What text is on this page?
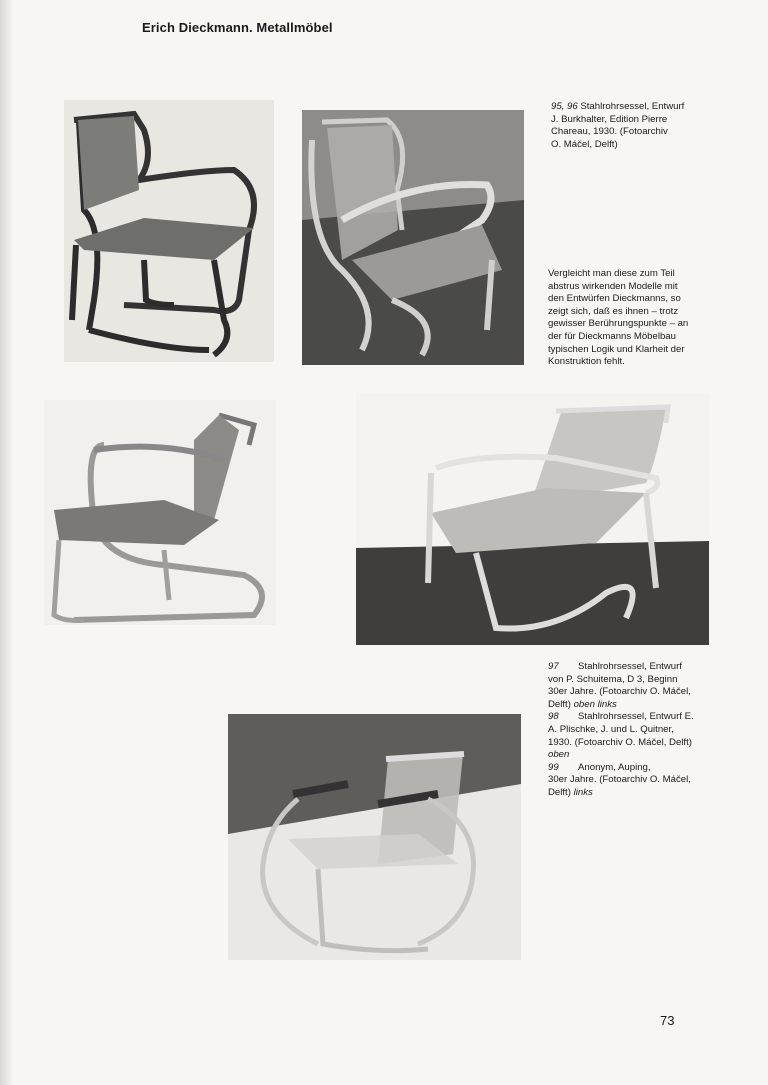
Erich Dieckmann. Metallmöbel

95, 96 Stahlrohrsessel, Entwurf

J. Burkhalter, Edition Pierre

Chareau, 1930. (Fotoarchiv

O. Máčel, Delft)

Vergleicht man diese zum Teil

abstrus wirkenden Modelle mit

den Entwürfen Dieckmanns, so

zeigt sich, daß es ihnen – trotz

gewisser Berührungspunkte – an

der für Dieckmanns Möbelbau

typischen Logik und Klarheit der

Konstruktion fehlt.

97 Stahlrohrsessel, Entwurf

von P. Schuitema, D 3, Beginn

30er Jahre. (Fotoarchiv O. Máčel,

Delft) oben links

98 Stahlrohrsessel, Entwurf E.

A. Plischke, J. und L. Quitner,

1930. (Fotoarchiv O. Máčel, Delft)

oben

99 Anonym, Auping,

30er Jahre. (Fotoarchiv O. Máčel,

Delft) links

73
